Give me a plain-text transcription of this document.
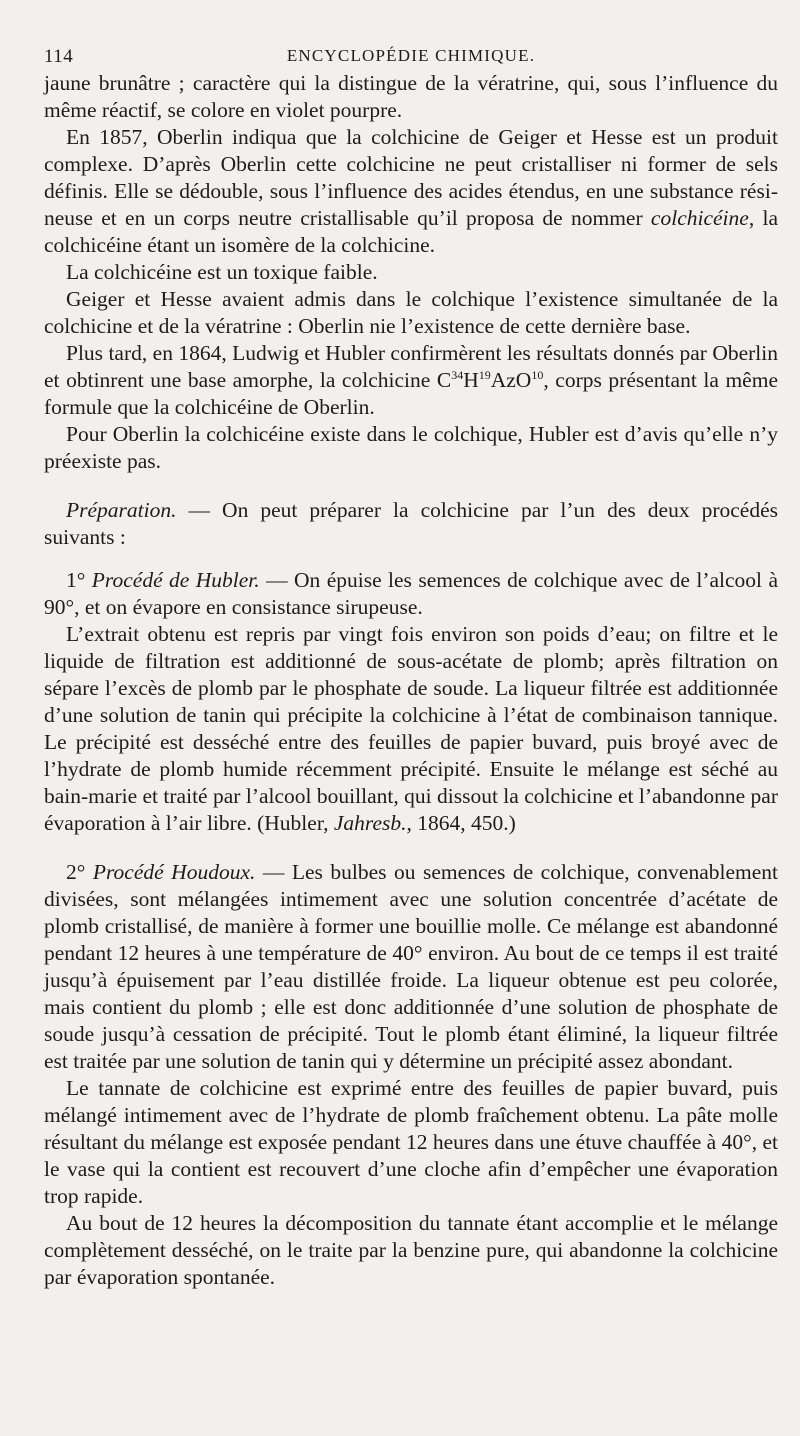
114	ENCYCLOPÉDIE CHIMIQUE.

jaune brunâtre ; caractère qui la distingue de la vératrine, qui, sous l’influence du même réactif, se colore en violet pourpre.

En 1857, Oberlin indiqua que la colchicine de Geiger et Hesse est un produit complexe. D’après Oberlin cette colchicine ne peut cristalliser ni former de sels définis. Elle se dédouble, sous l’influence des acides étendus, en une substance résineuse et en un corps neutre cristallisable qu’il proposa de nommer colchicéine, la colchicéine étant un isomère de la colchicine.

La colchicéine est un toxique faible.

Geiger et Hesse avaient admis dans le colchique l’existence simultanée de la colchicine et de la vératrine : Oberlin nie l’existence de cette dernière base.

Plus tard, en 1864, Ludwig et Hubler confirmèrent les résultats donnés par Oberlin et obtinrent une base amorphe, la colchicine $C^{34}H^{19}AzO^{10}$, corps présentant la même formule que la colchicéine de Oberlin.

Pour Oberlin la colchicéine existe dans le colchique, Hubler est d’avis qu’elle n’y préexiste pas.

Préparation. — On peut préparer la colchicine par l’un des deux procédés suivants :

1° Procédé de Hubler. — On épuise les semences de colchique avec de l’alcool à 90°, et on évapore en consistance sirupeuse.

L’extrait obtenu est repris par vingt fois environ son poids d’eau; on filtre et le liquide de filtration est additionné de sous-acétate de plomb; après filtration on sépare l’excès de plomb par le phosphate de soude. La liqueur filtrée est additionnée d’une solution de tanin qui précipite la colchicine à l’état de combinaison tannique. Le précipité est desséché entre des feuilles de papier buvard, puis broyé avec de l’hydrate de plomb humide récemment précipité. Ensuite le mélange est séché au bain-marie et traité par l’alcool bouillant, qui dissout la colchicine et l’abandonne par évaporation à l’air libre. (Hubler, Jahresb., 1864, 450.)

2° Procédé Houdoux. — Les bulbes ou semences de colchique, convenablement divisées, sont mélangées intimement avec une solution concentrée d’acétate de plomb cristallisé, de manière à former une bouillie molle. Ce mélange est abandonné pendant 12 heures à une température de 40° environ. Au bout de ce temps il est traité jusqu’à épuisement par l’eau distillée froide. La liqueur obtenue est peu colorée, mais contient du plomb ; elle est donc additionnée d’une solution de phosphate de soude jusqu’à cessation de précipité. Tout le plomb étant éliminé, la liqueur filtrée est traitée par une solution de tanin qui y détermine un précipité assez abondant.

Le tannate de colchicine est exprimé entre des feuilles de papier buvard, puis mélangé intimement avec de l’hydrate de plomb fraîchement obtenu. La pâte molle résultant du mélange est exposée pendant 12 heures dans une étuve chauffée à 40°, et le vase qui la contient est recouvert d’une cloche afin d’empêcher une évaporation trop rapide.

Au bout de 12 heures la décomposition du tannate étant accomplie et le mélange complètement desséché, on le traite par la benzine pure, qui abandonne la colchicine par évaporation spontanée.
